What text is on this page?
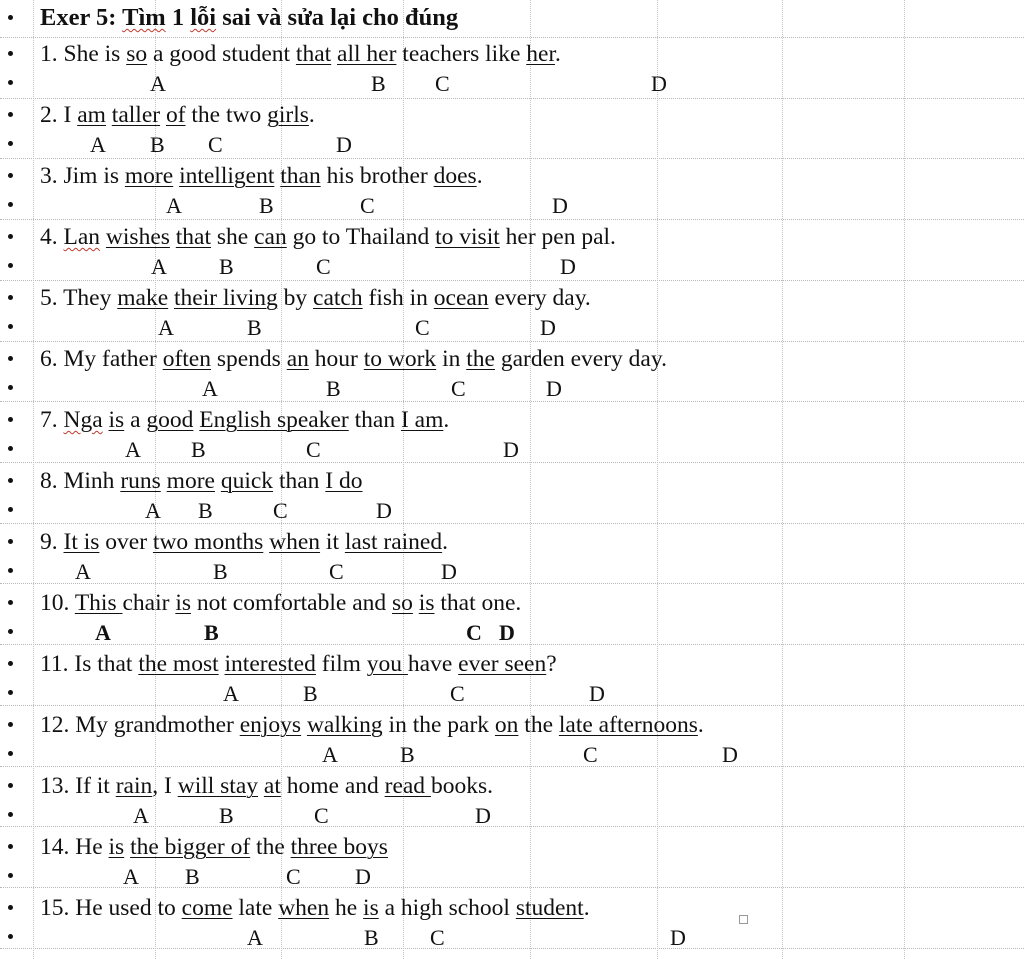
Exer 5: Tìm 1 lỗi sai và sửa lại cho đúng
1. She is so a good student that all her teachers like her.
A	B C	D
2. I am taller of the two girls.
A B C	D
3. Jim is more intelligent than his brother does.
A	B	C	D
4. Lan wishes that she can go to Thailand to visit her pen pal.
A B	C	D
5. They make their living by catch fish in ocean every day.
A	B	C	D
6. My father often spends an hour to work in the garden every day.
A	B	C	D
7. Nga is a good English speaker than I am.
A B	C	D
8. Minh runs more quick than I do
A B	C	D
9. It is over two months when it last rained.
A	B	C	D
10. This chair is not comfortable and so is that one.
A	B	C D
11. Is that the most interested film you have ever seen?
A	B	C	D
12. My grandmother enjoys walking in the park on the late afternoons.
A	B	C	D
13. If it rain, I will stay at home and read books.
A	B	C	D
14. He is the bigger of the three boys
A B	C D
15. He used to come late when he is a high school student.
A	B C	D
